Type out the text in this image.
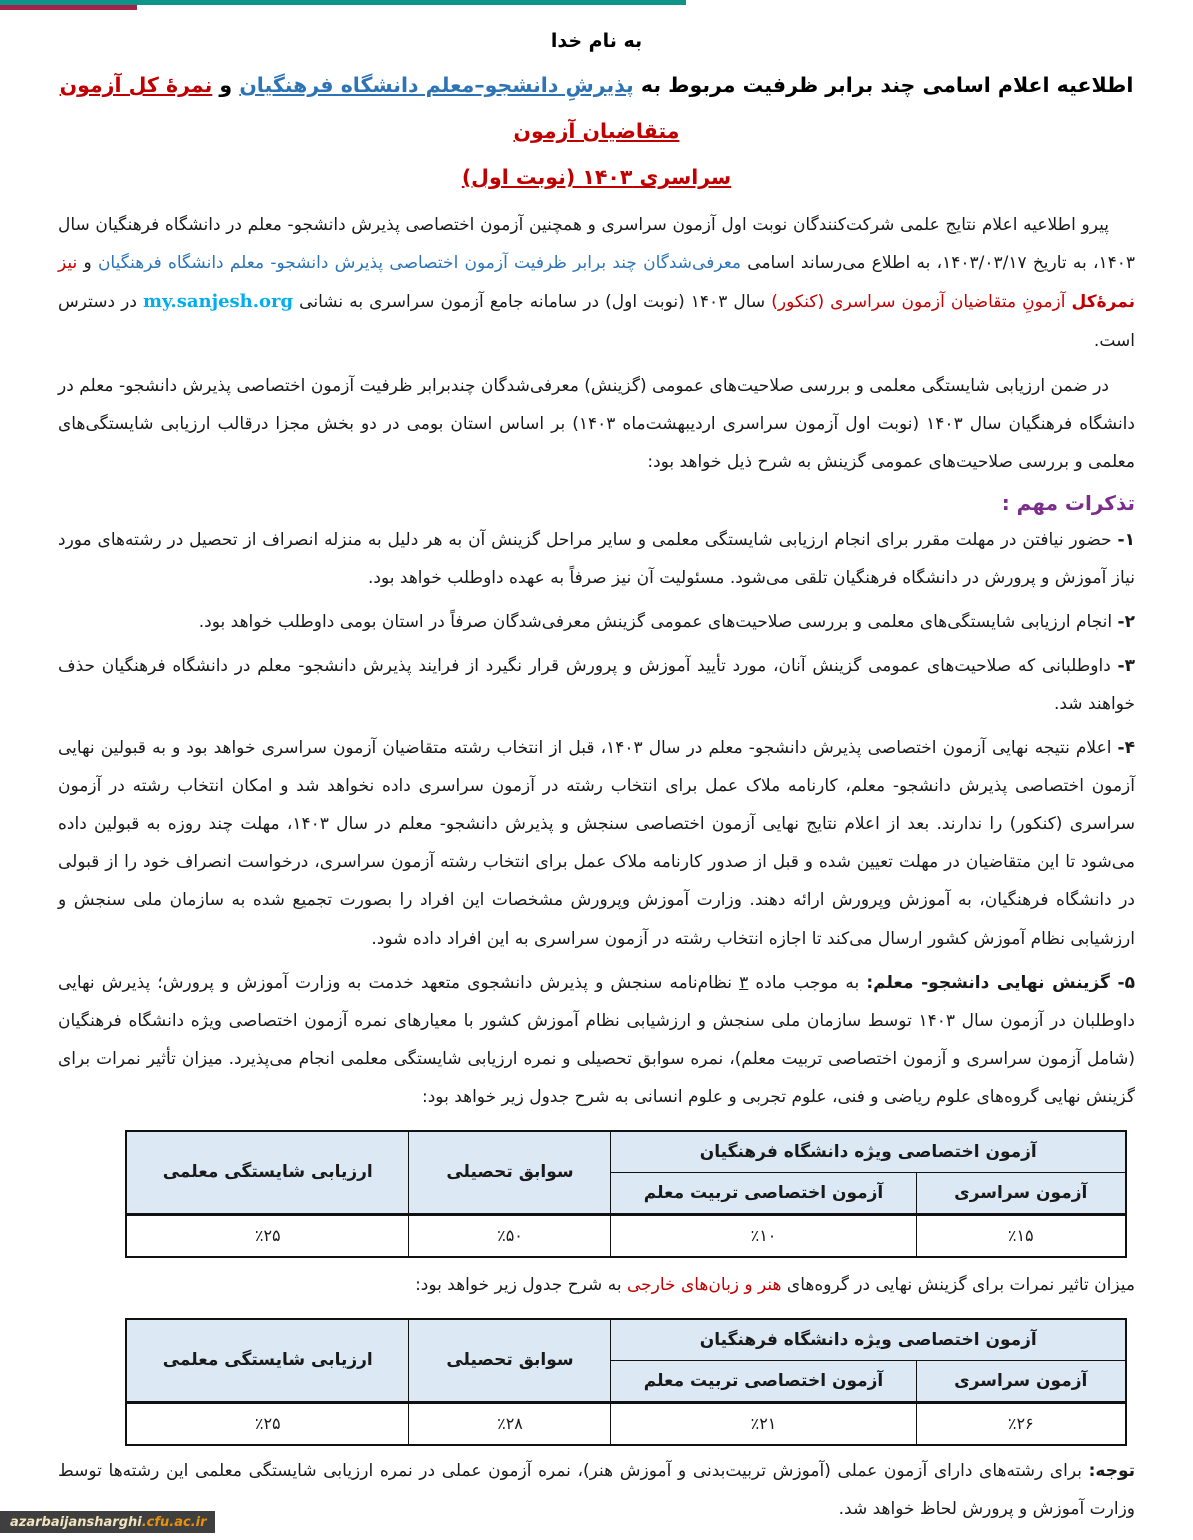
به نام خدا
اطلاعیه اعلام اسامی چند برابر ظرفیت مربوط به پذیرشِ دانشجو–معلم دانشگاه فرهنگیان و نمرهٔ کل آزمون متقاضیان آزمون
سراسری ۱۴۰۳ (نوبت اول)

پیرو اطلاعیه اعلام نتایج علمی شرکت‌کنندگان نوبت اول آزمون سراسری و همچنین آزمون اختصاصی پذیرش دانشجو- معلم در دانشگاه فرهنگیان سال ۱۴۰۳، به تاریخ ۱۴۰۳/۰۳/۱۷، به اطلاع می‌رساند اسامی معرفی‌شدگان چند برابر ظرفیت آزمون اختصاصی پذیرش دانشجو- معلم دانشگاه فرهنگیان و نیز نمرهٔ‌کل آزمونِ متقاضیان آزمون سراسری (کنکور) سال ۱۴۰۳ (نوبت اول) در سامانه جامع آزمون سراسری به نشانی my.sanjesh.org در دسترس است.

در ضمن ارزیابی شایستگی معلمی و بررسی صلاحیت‌های عمومی (گزینش) معرفی‌شدگان چندبرابر ظرفیت آزمون اختصاصی پذیرش دانشجو- معلم در دانشگاه فرهنگیان سال ۱۴۰۳ (نوبت اول آزمون سراسری اردیبهشت‌ماه ۱۴۰۳) بر اساس استان بومی در دو بخش مجزا درقالب ارزیابی شایستگی‌های معلمی و بررسی صلاحیت‌های عمومی گزینش به شرح ذیل خواهد بود:

تذکرات مهم :

۱- حضور نیافتن در مهلت مقرر برای انجام ارزیابی شایستگی معلمی و سایر مراحل گزینش آن به هر دلیل به منزله انصراف از تحصیل در رشته‌های مورد نیاز آموزش و پرورش در دانشگاه فرهنگیان تلقی می‌شود. مسئولیت آن نیز صرفاً به عهده داوطلب خواهد بود.

۲- انجام ارزیابی شایستگی‌های معلمی و بررسی صلاحیت‌های عمومی گزینش معرفی‌شدگان صرفاً در استان بومی داوطلب خواهد بود.

۳- داوطلبانی که صلاحیت‌های عمومی گزینش آنان، مورد تأیید آموزش و پرورش قرار نگیرد از فرایند پذیرش دانشجو- معلم در دانشگاه فرهنگیان حذف خواهند شد.

۴- اعلام نتیجه نهایی آزمون اختصاصی پذیرش دانشجو- معلم در سال ۱۴۰۳، قبل از انتخاب رشته متقاضیان آزمون سراسری خواهد بود و به قبولین نهایی آزمون اختصاصی پذیرش دانشجو- معلم، کارنامه ملاک عمل برای انتخاب رشته در آزمون سراسری داده نخواهد شد و امکان انتخاب رشته در آزمون سراسری (کنکور) را ندارند. بعد از اعلام نتایج نهایی آزمون اختصاصی سنجش و پذیرش دانشجو- معلم در سال ۱۴۰۳، مهلت چند روزه به قبولین داده می‌شود تا این متقاضیان در مهلت تعیین شده و قبل از صدور کارنامه ملاک عمل برای انتخاب رشته آزمون سراسری، درخواست انصراف خود را از قبولی در دانشگاه فرهنگیان، به آموزش وپرورش ارائه دهند. وزارت آموزش وپرورش مشخصات این افراد را بصورت تجمیع شده به سازمان ملی سنجش و ارزشیابی نظام آموزش کشور ارسال می‌کند تا اجازه انتخاب رشته در آزمون سراسری به این افراد داده شود.

۵- گزینش نهایی دانشجو- معلم: به موجب ماده ۳ نظام‌نامه سنجش و پذیرش دانشجوی متعهد خدمت به وزارت آموزش و پرورش؛ پذیرش نهایی داوطلبان در آزمون سال ۱۴۰۳ توسط سازمان ملی سنجش و ارزشیابی نظام آموزش کشور با معیارهای نمره آزمون اختصاصی ویژه دانشگاه فرهنگیان (شامل آزمون سراسری و آزمون اختصاصی تربیت معلم)، نمره سوابق تحصیلی و نمره ارزیابی شایستگی معلمی انجام می‌پذیرد. میزان تأثیر نمرات برای گزینش نهایی گروه‌های علوم ریاضی و فنی، علوم تجربی و علوم انسانی به شرح جدول زیر خواهد بود:

آزمون اختصاصی ویژه دانشگاه فرهنگیان		سوابق تحصیلی	ارزیابی شایستگی معلمی
آزمون سراسری	آزمون اختصاصی تربیت معلم		
٪۱۵	٪۱۰	٪۵۰	٪۲۵

میزان تاثیر نمرات برای گزینش نهایی در گروه‌های هنر و زبان‌های خارجی به شرح جدول زیر خواهد بود:

آزمون اختصاصی ویژه دانشگاه فرهنگیان		سوابق تحصیلی	ارزیابی شایستگی معلمی
آزمون سراسری	آزمون اختصاصی تربیت معلم		
٪۲۶	٪۲۱	٪۲۸	٪۲۵

توجه: برای رشته‌های دارای آزمون عملی (آموزش تربیت‌بدنی و آموزش هنر)، نمره آزمون عملی در نمره ارزیابی شایستگی معلمی این رشته‌ها توسط وزارت آموزش و پرورش لحاظ خواهد شد.

azarbaijansharghi .cfu.ac.ir
